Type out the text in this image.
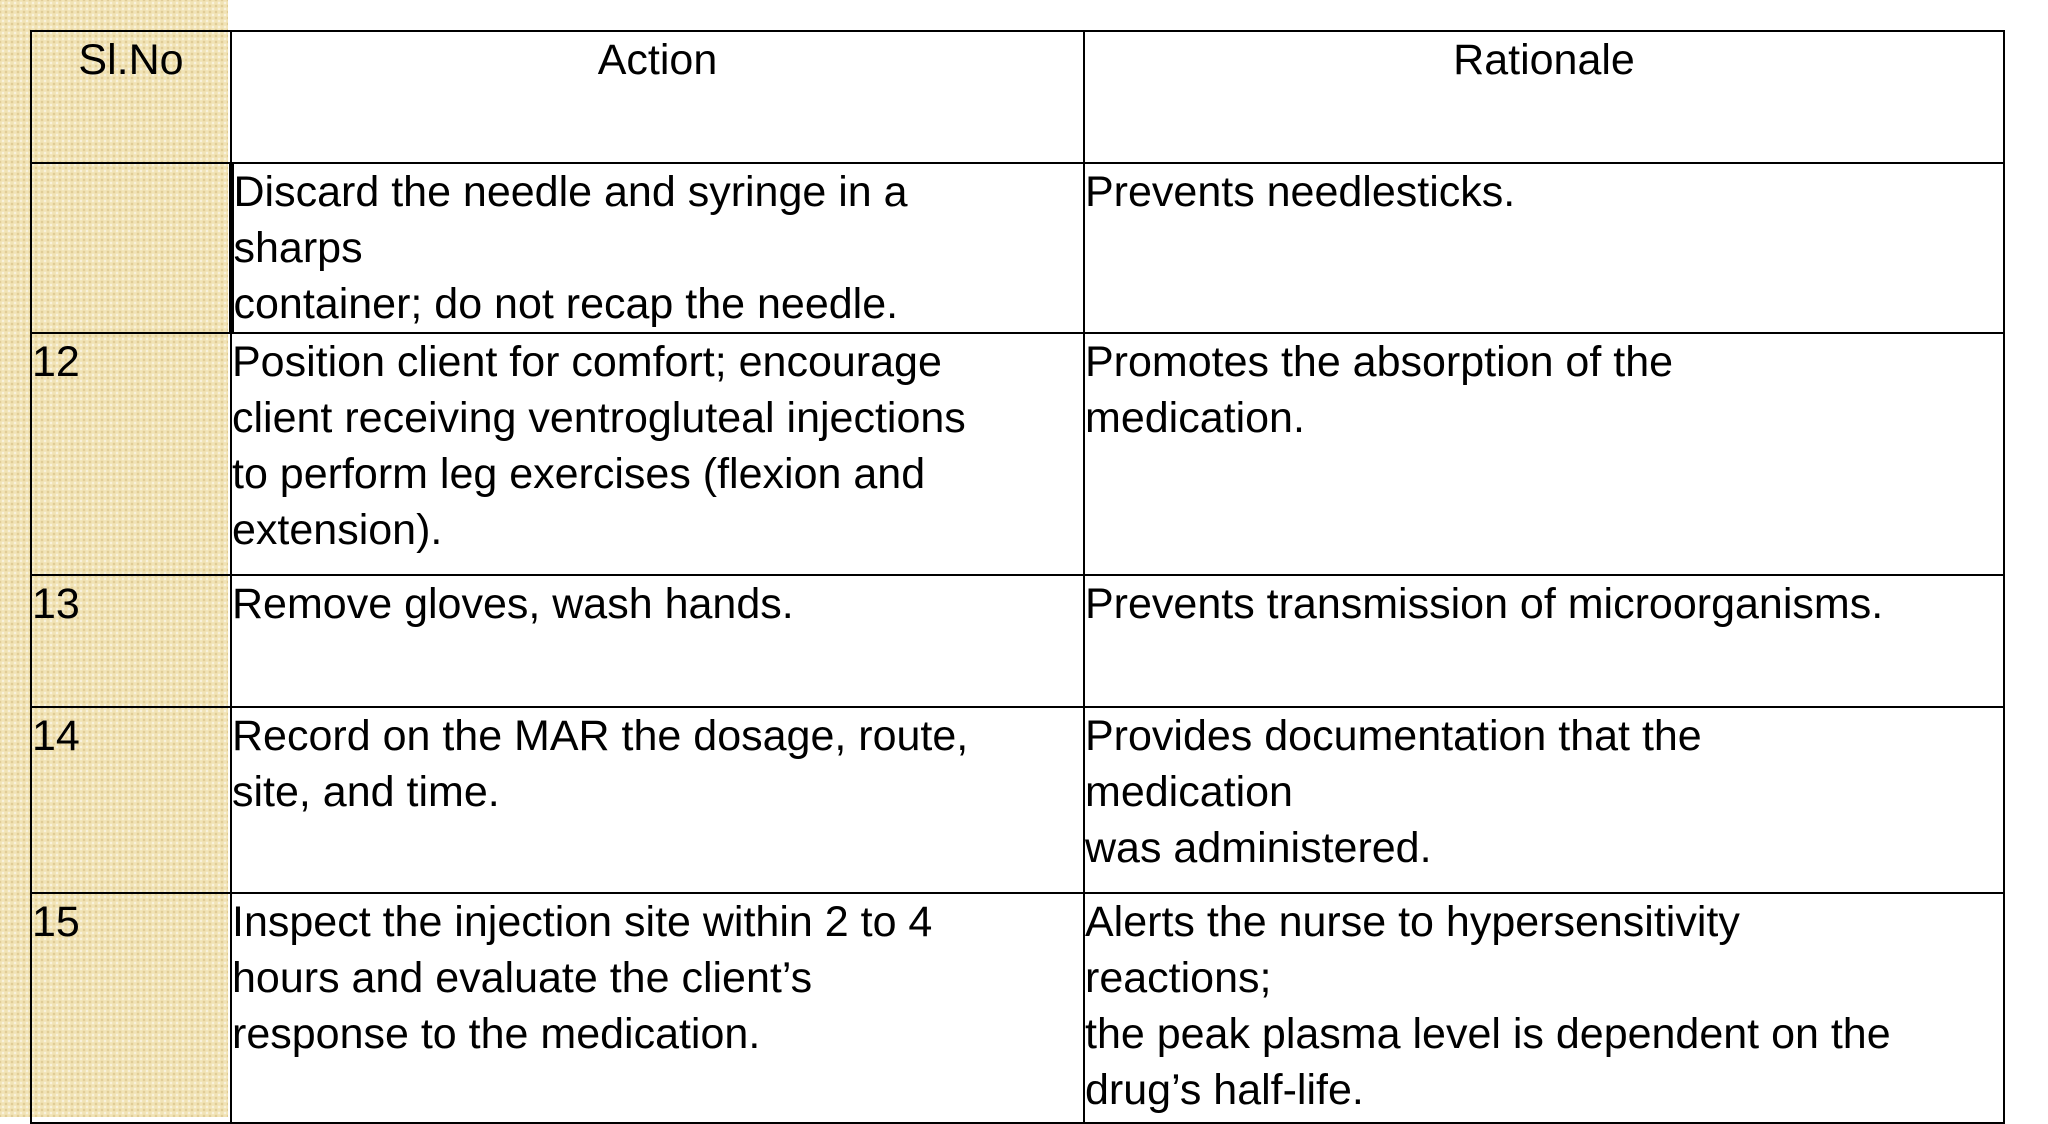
Sl.No	Action	Rationale

	Discard the needle and syringe in a
sharps
container; do not recap the needle.	Prevents needlesticks.

12	Position client for comfort; encourage
client receiving ventrogluteal injections
to perform leg exercises (flexion and
extension).	Promotes the absorption of the
medication.

13	Remove gloves, wash hands.	Prevents transmission of microorganisms.

14	Record on the MAR the dosage, route,
site, and time.	Provides documentation that the
medication
was administered.

15	Inspect the injection site within 2 to 4
hours and evaluate the client’s
response to the medication.	Alerts the nurse to hypersensitivity
reactions;
the peak plasma level is dependent on the
drug’s half-life.
